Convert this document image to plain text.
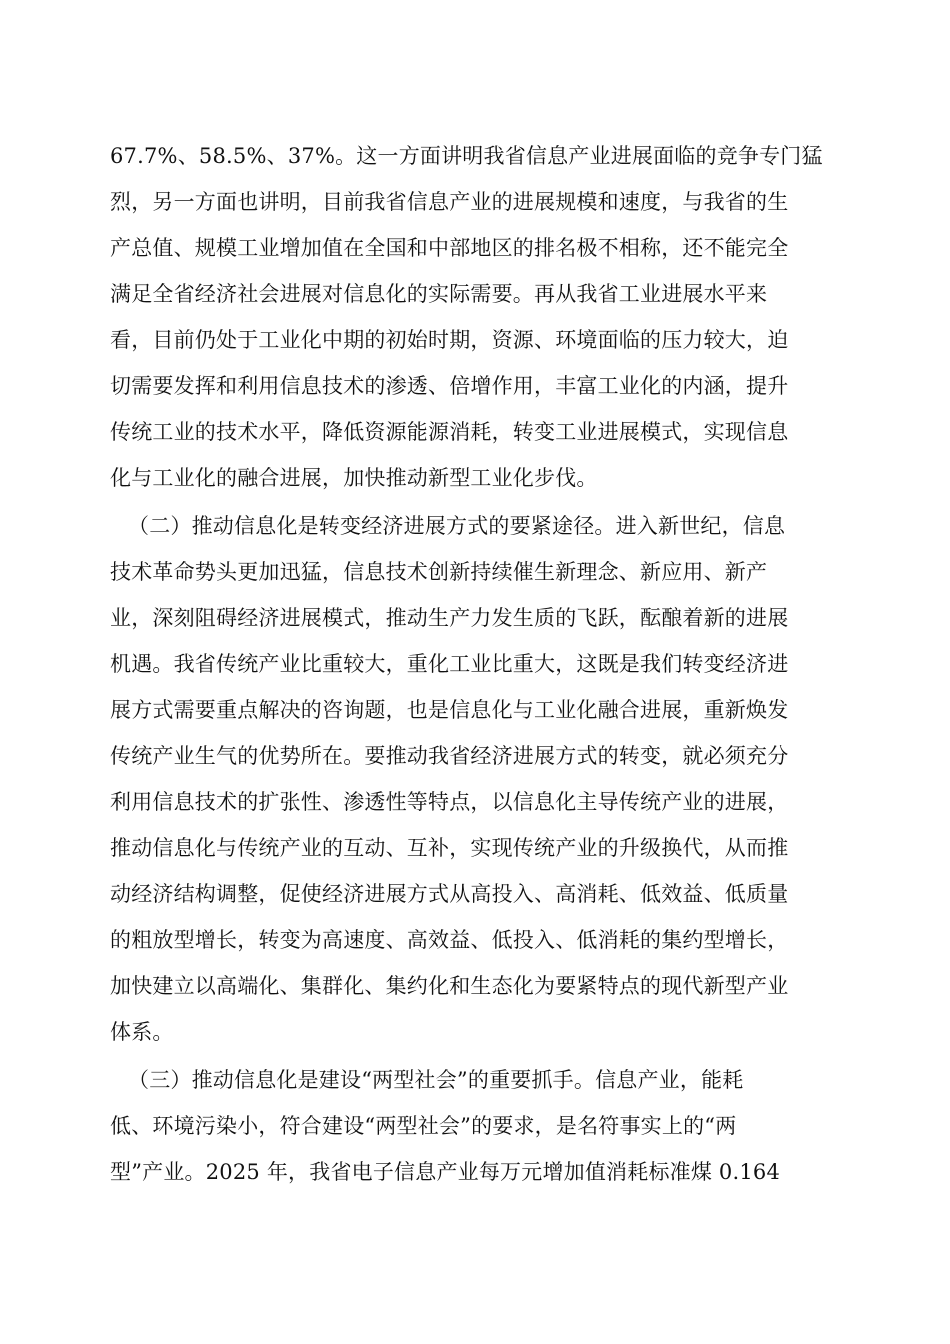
67.7%、58.5%、37%。这一方面讲明我省信息产业进展面临的竞争专门猛
烈，另一方面也讲明，目前我省信息产业的进展规模和速度，与我省的生
产总值、规模工业增加值在全国和中部地区的排名极不相称，还不能完全
满足全省经济社会进展对信息化的实际需要。再从我省工业进展水平来
看，目前仍处于工业化中期的初始时期，资源、环境面临的压力较大，迫
切需要发挥和利用信息技术的渗透、倍增作用，丰富工业化的内涵，提升
传统工业的技术水平，降低资源能源消耗，转变工业进展模式，实现信息
化与工业化的融合进展，加快推动新型工业化步伐。
（二）推动信息化是转变经济进展方式的要紧途径。进入新世纪，信息
技术革命势头更加迅猛，信息技术创新持续催生新理念、新应用、新产
业，深刻阻碍经济进展模式，推动生产力发生质的飞跃，酝酿着新的进展
机遇。我省传统产业比重较大，重化工业比重大，这既是我们转变经济进
展方式需要重点解决的咨询题，也是信息化与工业化融合进展，重新焕发
传统产业生气的优势所在。要推动我省经济进展方式的转变，就必须充分
利用信息技术的扩张性、渗透性等特点，以信息化主导传统产业的进展，
推动信息化与传统产业的互动、互补，实现传统产业的升级换代，从而推
动经济结构调整，促使经济进展方式从高投入、高消耗、低效益、低质量
的粗放型增长，转变为高速度、高效益、低投入、低消耗的集约型增长，
加快建立以高端化、集群化、集约化和生态化为要紧特点的现代新型产业
体系。
（三）推动信息化是建设“两型社会”的重要抓手。信息产业，能耗
低、环境污染小，符合建设“两型社会”的要求，是名符事实上的“两
型”产业。2025 年，我省电子信息产业每万元增加值消耗标准煤 0.164
